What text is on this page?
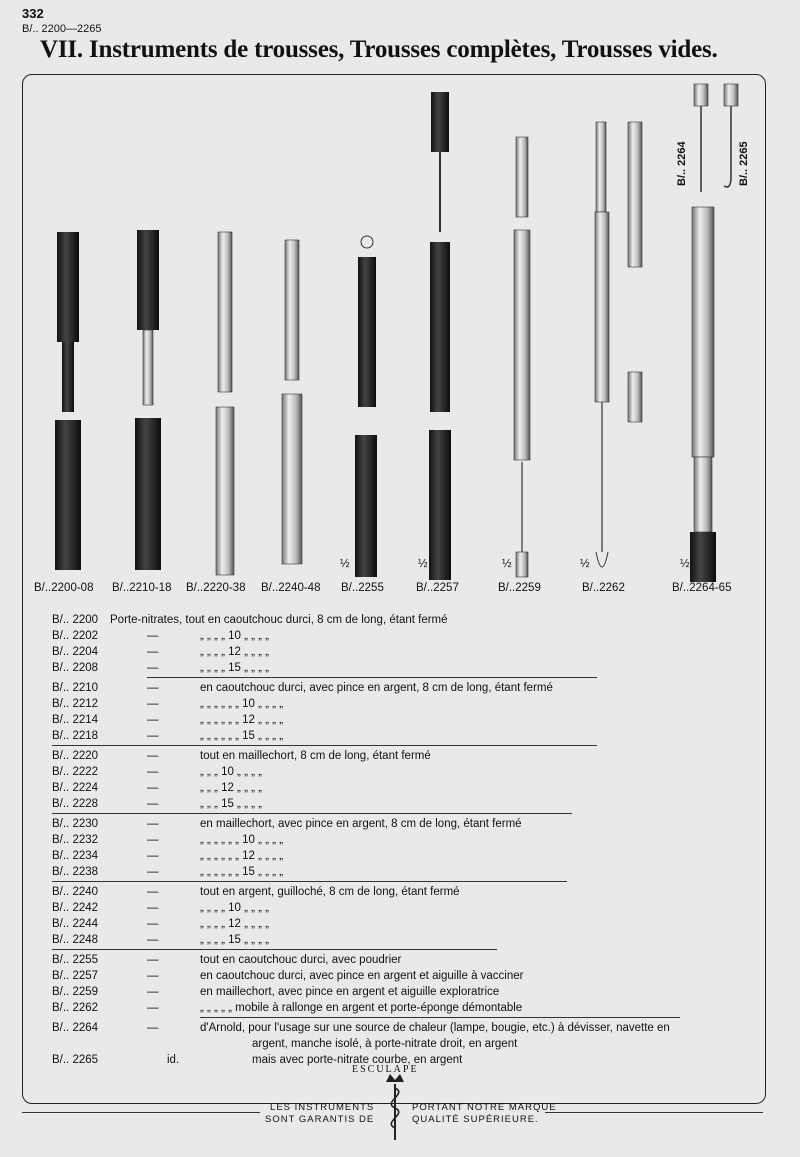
332
B/.. 2200—2265
VII. Instruments de trousses, Trousses complètes, Trousses vides.
B/..2200-08 B/..2210-18 B/..2220-38 B/..2240-48 B/..2255	B/..2257	B/..2259	B/..2262	B/..2264-65
½	½	½	½	½
B/.. 2264	B/.. 2265
B/.. 2200 Porte-nitrates, tout en caoutchouc durci, 8 cm de long, étant fermé
B/.. 2202	—	„ „ „ „ 10 „ „ „ „
B/.. 2204	—	„ „ „ „ 12 „ „ „ „
B/.. 2208	—	„ „ „ „ 15 „ „ „ „
B/.. 2210	—	en caoutchouc durci, avec pince en argent, 8 cm de long, étant fermé
B/.. 2212	—	„ „ „ „ „ „ 10 „ „ „ „
B/.. 2214	—	„ „ „ „ „ „ 12 „ „ „ „
B/.. 2218	—	„ „ „ „ „ „ 15 „ „ „ „
B/.. 2220	—	tout en maillechort, 8 cm de long, étant fermé
B/.. 2222	—	„ „ „ 10 „ „ „ „
B/.. 2224	—	„ „ „ 12 „ „ „ „
B/.. 2228	—	„ „ „ 15 „ „ „ „
B/.. 2230	—	en maillechort, avec pince en argent, 8 cm de long, étant fermé
B/.. 2232	—	„ „ „ „ „ „ 10 „ „ „ „
B/.. 2234	—	„ „ „ „ „ „ 12 „ „ „ „
B/.. 2238	—	„ „ „ „ „ „ 15 „ „ „ „
B/.. 2240	—	tout en argent, guilloché, 8 cm de long, étant fermé
B/.. 2242	—	„ „ „ „ 10 „ „ „ „
B/.. 2244	—	„ „ „ „ 12 „ „ „ „
B/.. 2248	—	„ „ „ „ 15 „ „ „ „
B/.. 2255	—	tout en caoutchouc durci, avec poudrier
B/.. 2257	—	en caoutchouc durci, avec pince en argent et aiguille à vacciner
B/.. 2259	—	en maillechort, avec pince en argent et aiguille exploratrice
B/.. 2262	—	„ „ „ „ „ mobile à rallonge en argent et porte-éponge démontable
B/.. 2264	—	d'Arnold, pour l'usage sur une source de chaleur (lampe, bougie, etc.) à dévisser, navette en
argent, manche isolé, à porte-nitrate droit, en argent
B/.. 2265	id.	mais avec porte-nitrate courbe, en argent
LES INSTRUMENTS
SONT GARANTIS DE
PORTANT NOTRE MARQUE
QUALITÉ SUPÉRIEURE.
ESCULAPE
